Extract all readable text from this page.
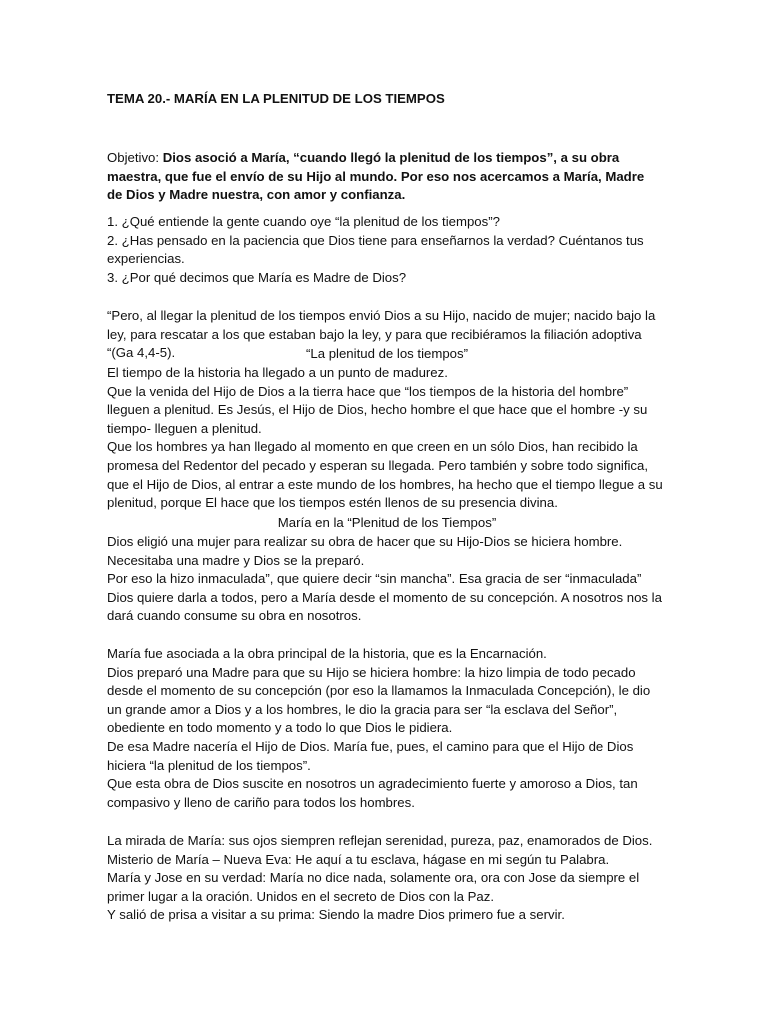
TEMA 20.- MARÍA EN LA PLENITUD DE LOS TIEMPOS
Objetivo: Dios asoció a María, “cuando llegó la plenitud de los tiempos”, a su obra maestra, que fue el envío de su Hijo al mundo. Por eso nos acercamos a María, Madre de Dios y Madre nuestra, con amor y confianza.
1. ¿Qué entiende la gente cuando oye “la plenitud de los tiempos”?
2. ¿Has pensado en la paciencia que Dios tiene para enseñarnos la verdad? Cuéntanos tus experiencias.
3. ¿Por qué decimos que María es Madre de Dios?
“Pero, al llegar la plenitud de los tiempos envió Dios a su Hijo, nacido de mujer; nacido bajo la ley, para rescatar a los que estaban bajo la ley, y para que recibiéramos la filiación adoptiva “(Ga 4,4-5).	“La plenitud de los tiempos”
El tiempo de la historia ha llegado a un punto de madurez.
Que la venida del Hijo de Dios a la tierra hace que “los tiempos de la historia del hombre” lleguen a plenitud. Es Jesús, el Hijo de Dios, hecho hombre el que hace que el hombre -y su tiempo- lleguen a plenitud.
Que los hombres ya han llegado al momento en que creen en un sólo Dios, han recibido la promesa del Redentor del pecado y esperan su llegada. Pero también y sobre todo significa, que el Hijo de Dios, al entrar a este mundo de los hombres, ha hecho que el tiempo llegue a su plenitud, porque El hace que los tiempos estén llenos de su presencia divina.
María en la “Plenitud de los Tiempos”
Dios eligió una mujer para realizar su obra de hacer que su Hijo-Dios se hiciera hombre. Necesitaba una madre y Dios se la preparó.
Por eso la hizo inmaculada”, que quiere decir “sin mancha”. Esa gracia de ser “inmaculada” Dios quiere darla a todos, pero a María desde el momento de su concepción. A nosotros nos la dará cuando consume su obra en nosotros.
María fue asociada a la obra principal de la historia, que es la Encarnación.
Dios preparó una Madre para que su Hijo se hiciera hombre: la hizo limpia de todo pecado desde el momento de su concepción (por eso la llamamos la Inmaculada Concepción), le dio un grande amor a Dios y a los hombres, le dio la gracia para ser “la esclava del Señor”, obediente en todo momento y a todo lo que Dios le pidiera.
De esa Madre nacería el Hijo de Dios. María fue, pues, el camino para que el Hijo de Dios hiciera “la plenitud de los tiempos”.
Que esta obra de Dios suscite en nosotros un agradecimiento fuerte y amoroso a Dios, tan compasivo y lleno de cariño para todos los hombres.
La mirada de María: sus ojos siempren reflejan serenidad, pureza, paz, enamorados de Dios.
Misterio de María – Nueva Eva: He aquí a tu esclava, hágase en mi según tu Palabra.
María y Jose en su verdad: María no dice nada, solamente ora, ora con Jose da siempre el primer lugar a la oración. Unidos en el secreto de Dios con la Paz.
Y salió de prisa a visitar a su prima: Siendo la madre Dios primero fue a servir.
